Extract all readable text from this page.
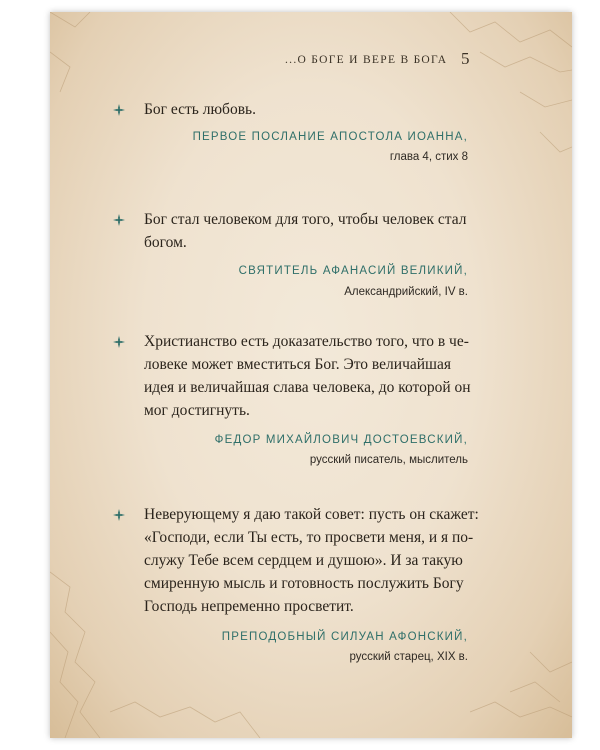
...О БОГЕ И ВЕРЕ В БОГА 5
Бог есть любовь.
ПЕРВОЕ ПОСЛАНИЕ АПОСТОЛА ИОАННА,
глава 4, стих 8
Бог стал человеком для того, чтобы человек стал
богом.
СВЯТИТЕЛЬ АФАНАСИЙ ВЕЛИКИЙ,
Александрийский, IV в.
Христианство есть доказательство того, что в че-
ловеке может вместиться Бог. Это величайшая
идея и величайшая слава человека, до которой он
мог достигнуть.
ФЕДОР МИХАЙЛОВИЧ ДОСТОЕВСКИЙ,
русский писатель, мыслитель
Неверующему я даю такой совет: пусть он скажет:
«Господи, если Ты есть, то просвети меня, и я по-
служу Тебе всем сердцем и душою». И за такую
смиренную мысль и готовность послужить Богу
Господь непременно просветит.
ПРЕПОДОБНЫЙ СИЛУАН АФОНСКИЙ,
русский старец, XIX в.
